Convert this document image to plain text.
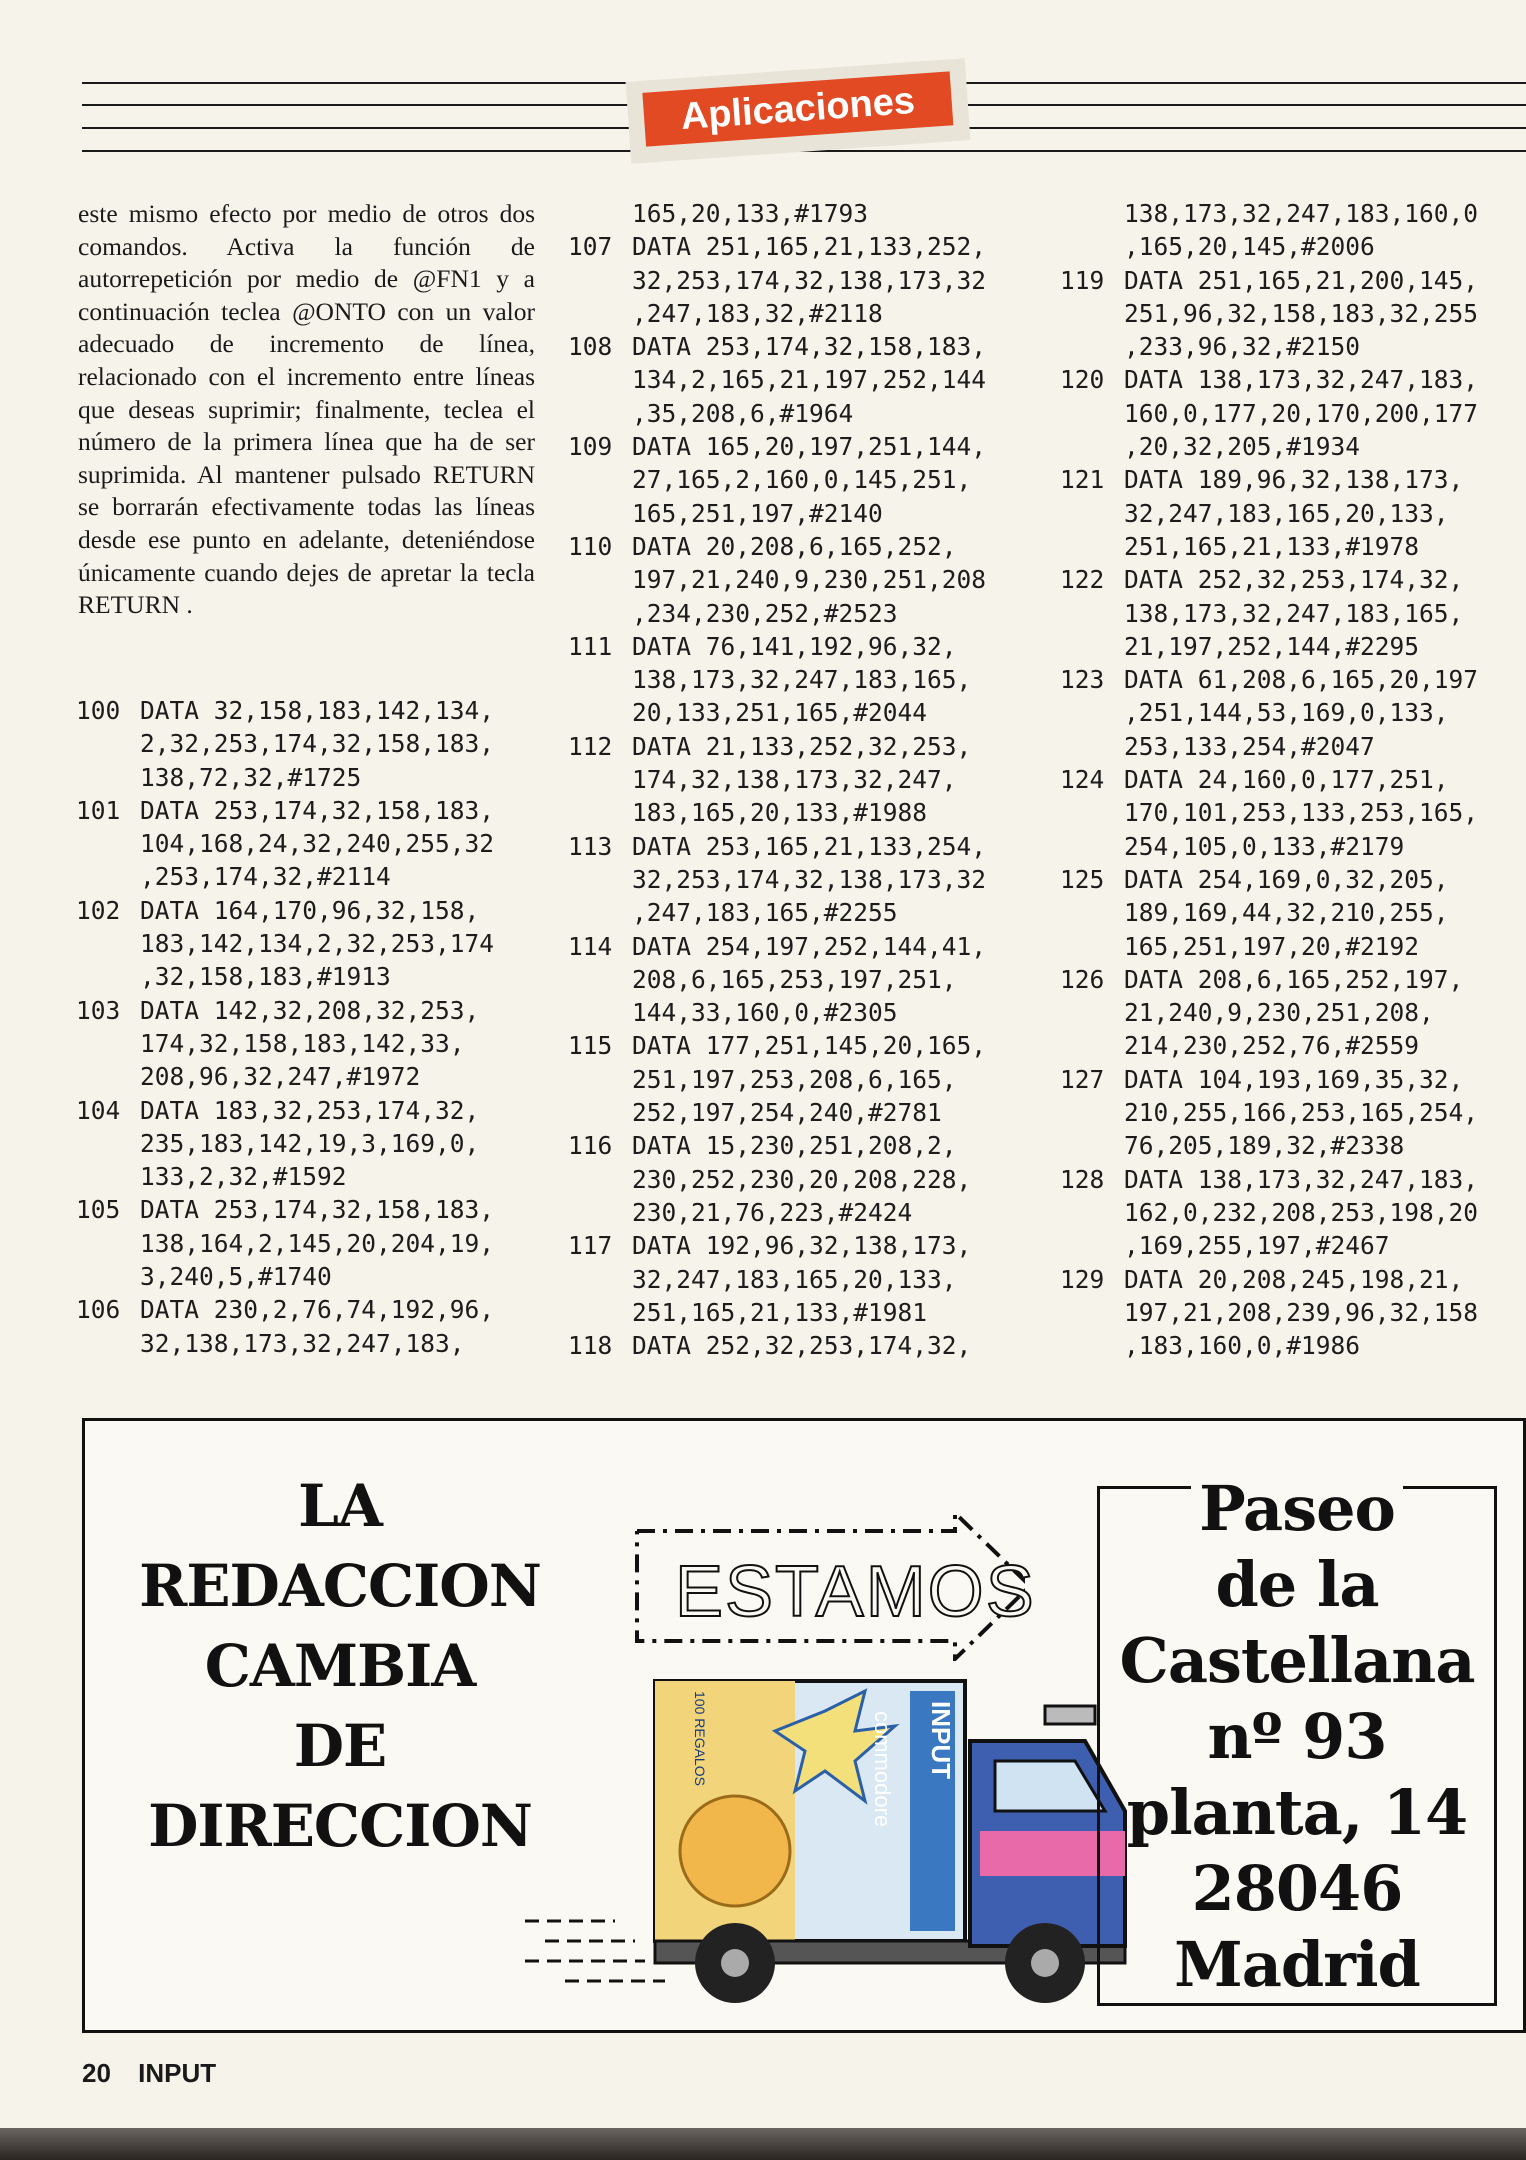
Aplicaciones

este mismo efecto por medio de otros dos comandos. Activa la función de autorrepetición por medio de @FN1 y a continuación teclea @ONTO con un valor adecuado de incremento de línea, relacionado con el incremento entre líneas que deseas suprimir; finalmente, teclea el número de la primera línea que ha de ser suprimida. Al mantener pulsado RETURN se borrarán efectivamente todas las líneas desde ese punto en adelante, deteniéndose únicamente cuando dejes de apretar la tecla RETURN .

100 DATA 32,158,183,142,134,
2,32,253,174,32,158,183,
138,72,32,#1725
101 DATA 253,174,32,158,183,
104,168,24,32,240,255,32
,253,174,32,#2114
102 DATA 164,170,96,32,158,
183,142,134,2,32,253,174
,32,158,183,#1913
103 DATA 142,32,208,32,253,
174,32,158,183,142,33,
208,96,32,247,#1972
104 DATA 183,32,253,174,32,
235,183,142,19,3,169,0,
133,2,32,#1592
105 DATA 253,174,32,158,183,
138,164,2,145,20,204,19,
3,240,5,#1740
106 DATA 230,2,76,74,192,96,
32,138,173,32,247,183,
165,20,133,#1793
107 DATA 251,165,21,133,252,
32,253,174,32,138,173,32
,247,183,32,#2118
108 DATA 253,174,32,158,183,
134,2,165,21,197,252,144
,35,208,6,#1964
109 DATA 165,20,197,251,144,
27,165,2,160,0,145,251,
165,251,197,#2140
110 DATA 20,208,6,165,252,
197,21,240,9,230,251,208
,234,230,252,#2523
111 DATA 76,141,192,96,32,
138,173,32,247,183,165,
20,133,251,165,#2044
112 DATA 21,133,252,32,253,
174,32,138,173,32,247,
183,165,20,133,#1988
113 DATA 253,165,21,133,254,
32,253,174,32,138,173,32
,247,183,165,#2255
114 DATA 254,197,252,144,41,
208,6,165,253,197,251,
144,33,160,0,#2305
115 DATA 177,251,145,20,165,
251,197,253,208,6,165,
252,197,254,240,#2781
116 DATA 15,230,251,208,2,
230,252,230,20,208,228,
230,21,76,223,#2424
117 DATA 192,96,32,138,173,
32,247,183,165,20,133,
251,165,21,133,#1981
118 DATA 252,32,253,174,32,
138,173,32,247,183,160,0
,165,20,145,#2006
119 DATA 251,165,21,200,145,
251,96,32,158,183,32,255
,233,96,32,#2150
120 DATA 138,173,32,247,183,
160,0,177,20,170,200,177
,20,32,205,#1934
121 DATA 189,96,32,138,173,
32,247,183,165,20,133,
251,165,21,133,#1978
122 DATA 252,32,253,174,32,
138,173,32,247,183,165,
21,197,252,144,#2295
123 DATA 61,208,6,165,20,197
,251,144,53,169,0,133,
253,133,254,#2047
124 DATA 24,160,0,177,251,
170,101,253,133,253,165,
254,105,0,133,#2179
125 DATA 254,169,0,32,205,
189,169,44,32,210,255,
165,251,197,20,#2192
126 DATA 208,6,165,252,197,
21,240,9,230,251,208,
214,230,252,76,#2559
127 DATA 104,193,169,35,32,
210,255,166,253,165,254,
76,205,189,32,#2338
128 DATA 138,173,32,247,183,
162,0,232,208,253,198,20
,169,255,197,#2467
129 DATA 20,208,245,198,21,
197,21,208,239,96,32,158
,183,160,0,#1986
LA
REDACCION
CAMBIA
DE
DIRECCION
ESTAMOS
INPUT
commodore
100 REGALOS
Paseo
de la
Castellana
nº 93
planta, 14
28046
Madrid
20 INPUT
